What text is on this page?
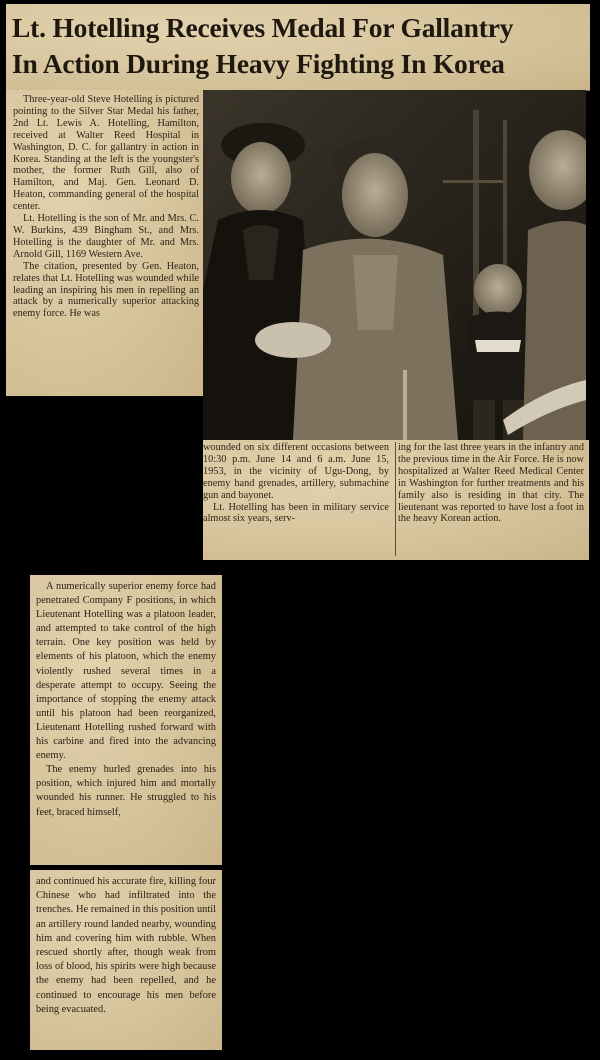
Lt. Hotelling Receives Medal For Gallantry
In Action During Heavy Fighting In Korea

Three-year-old Steve Hotelling is pictured pointing to the Silver Star Medal his father, 2nd Lt. Lewis A. Hotelling, Hamilton, received at Walter Reed Hospital in Washington, D. C. for gallantry in action in Korea. Standing at the left is the youngster's mother, the former Ruth Gill, also of Hamilton, and Maj. Gen. Leonard D. Heaton, commanding general of the hospital center.

Lt. Hotelling is the son of Mr. and Mrs. C. W. Burkins, 439 Bingham St., and Mrs. Hotelling is the daughter of Mr. and Mrs. Arnold Gill, 1169 Western Ave.

The citation, presented by Gen. Heaton, relates that Lt. Hotelling was wounded while leading an inspiring his men in repelling an attack by a numerically superior attacking enemy force. He was

wounded on six different occasions between 10:30 p.m. June 14 and 6 a.m. June 15, 1953, in the vicinity of Ugu-Dong, by enemy hand grenades, artillery, submachine gun and bayonet.

Lt. Hotelling has been in military service almost six years, serv-

ing for the last three years in the infantry and the previous time in the Air Force. He is now hospitalized at Walter Reed Medical Center in Washington for further treatments and his family also is residing in that city. The lieutenant was reported to have lost a foot in the heavy Korean action.

A numerically superior enemy force had penetrated Company F positions, in which Lieutenant Hotelling was a platoon leader, and attempted to take control of the high terrain. One key position was held by elements of his platoon, which the enemy violently rushed several times in a desperate attempt to occupy. Seeing the importance of stopping the enemy attack until his platoon had been reorganized, Lieutenant Hotelling rushed forward with his carbine and fired into the advancing enemy.

The enemy hurled grenades into his position, which injured him and mortally wounded his runner. He struggled to his feet, braced himself,

and continued his accurate fire, killing four Chinese who had infiltrated into the trenches. He remained in this position until an artillery round landed nearby, wounding him and covering him with rubble. When rescued shortly after, though weak from loss of blood, his spirits were high because the enemy had been repelled, and he continued to encourage his men before being evacuated.
